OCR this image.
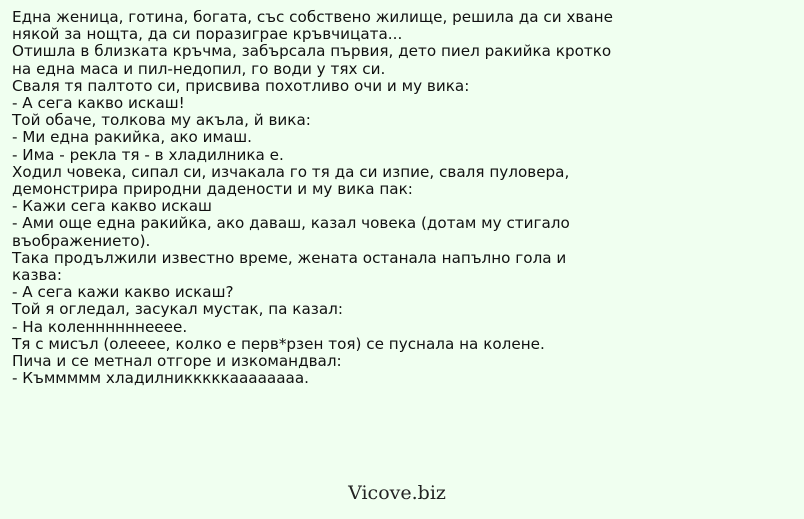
Една женица, готина, богата, със собствено жилище, решила да си хване
някой за нощта, да си поразиграе кръвчицата...
Отишла в близката кръчма, забърсала първия, дето пиел ракийка кротко
на една маса и пил-недопил, го води у тях си.
Сваля тя палтото си, присвива похотливо очи и му вика:
- А сега какво искаш!
Той обаче, толкова му акъла, й вика:
- Ми една ракийка, ако имаш.
- Има - рекла тя - в хладилника е.
Ходил човека, сипал си, изчакала го тя да си изпие, сваля пуловера,
демонстрира природни дадености и му вика пак:
- Кажи сега какво искаш
- Ами още една ракийка, ако даваш, казал човека (дотам му стигало
въображението).
Така продължили известно време, жената останала напълно гола и
казва:
- А сега кажи какво искаш?
Той я огледал, засукал мустак, па казал:
- На коленнннннееее.
Тя с мисъл (олееее, колко е перв*рзен тоя) се пуснала на колене.
Пича и се метнал отгоре и изкомандвал:
- Къммммм хладилникккккаааааааа.
Vicove.biz
